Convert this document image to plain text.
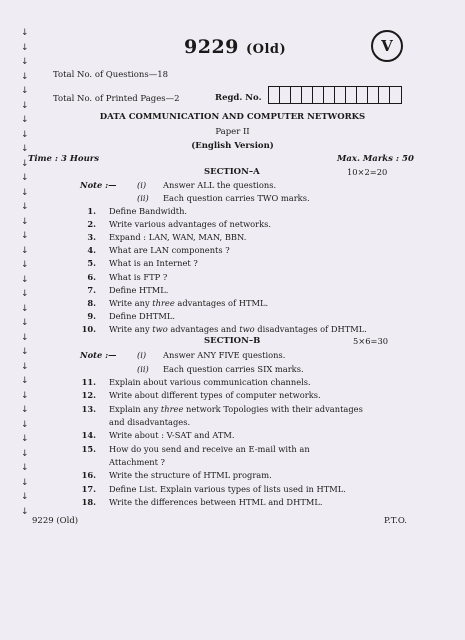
↓
↓
↓
↓
↓
↓
↓
↓
↓
↓
↓
↓
↓
↓
↓
↓
↓
↓
↓
↓
↓
↓
↓
↓
↓
↓
↓
↓
↓
↓
↓
↓
↓
↓
9229 (Old)	V
Total No. of Questions—18
Total No. of Printed Pages—2	Regd. No.
DATA COMMUNICATION AND COMPUTER NETWORKS
Paper II
(English Version)
Time : 3 Hours	Max. Marks : 50
SECTION–A	10×2=20
Note :— (i) Answer ALL the questions.
(ii) Each question carries TWO marks.
1. Define Bandwidth.
2. Write various advantages of networks.
3. Expand : LAN, WAN, MAN, BBN.
4. What are LAN components ?
5. What is an Internet ?
6. What is FTP ?
7. Define HTML.
8. Write any three advantages of HTML.
9. Define DHTML.
10. Write any two advantages and two disadvantages of DHTML.
SECTION–B	5×6=30
Note :— (i) Answer ANY FIVE questions.
(ii) Each question carries SIX marks.
11. Explain about various communication channels.
12. Write about different types of computer networks.
13. Explain any three network Topologies with their advantages
and disadvantages.
14. Write about : V-SAT and ATM.
15. How do you send and receive an E-mail with an
Attachment ?
16. Write the structure of HTML program.
17. Define List. Explain various types of lists used in HTML.
18. Write the differences between HTML and DHTML.
9229 (Old)	P.T.O.
